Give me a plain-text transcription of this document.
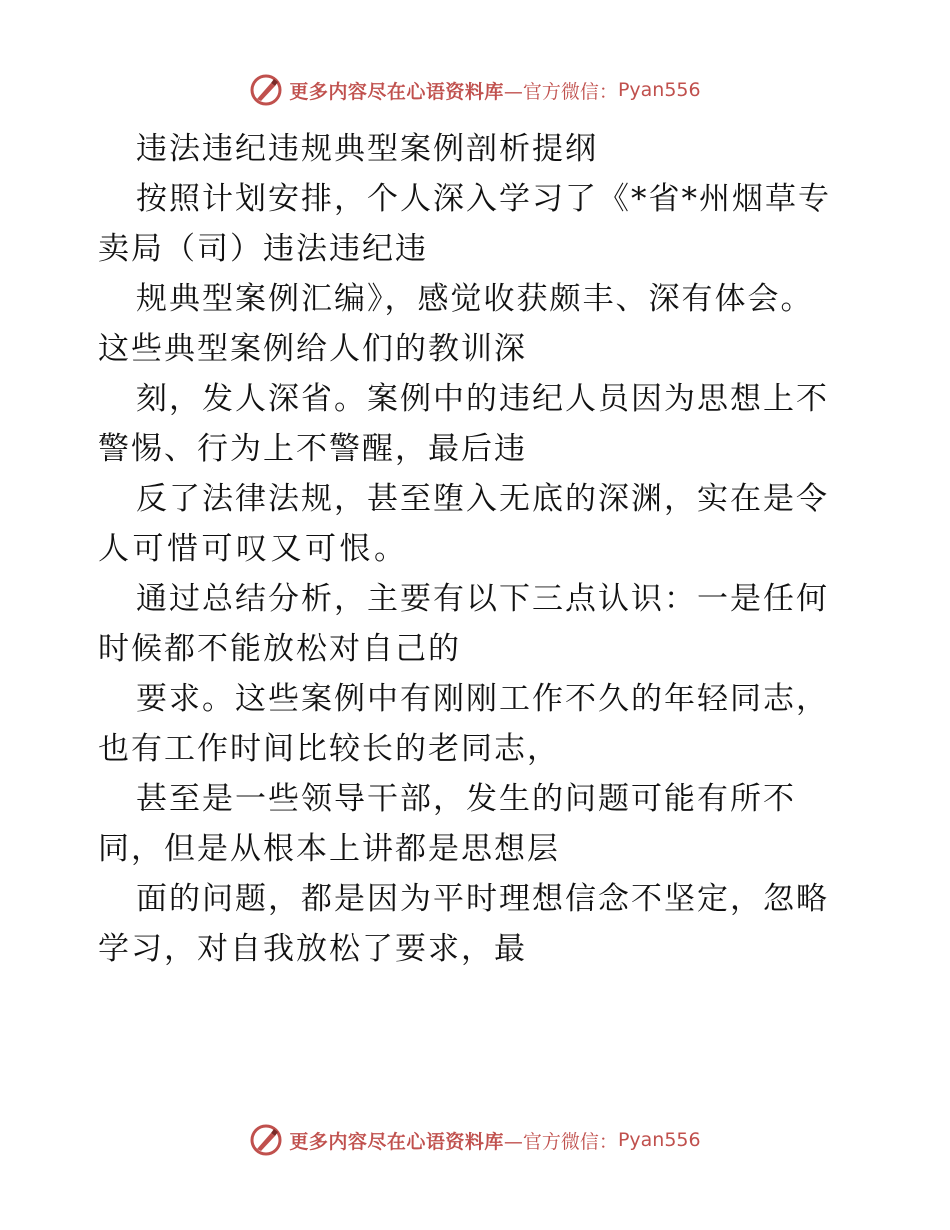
更多内容尽在心语资料库 —官方微信： Pyan556
违法违纪违规典型案例剖析提纲
按照计划安排，个人深入学习了《*省*州烟草专
卖局（司）违法违纪违
规典型案例汇编》，感觉收获颇丰、深有体会。
这些典型案例给人们的教训深
刻，发人深省。案例中的违纪人员因为思想上不
警惕、行为上不警醒，最后违
反了法律法规，甚至堕入无底的深渊，实在是令
人可惜可叹又可恨。
通过总结分析，主要有以下三点认识：一是任何
时候都不能放松对自己的
要求。这些案例中有刚刚工作不久的年轻同志，
也有工作时间比较长的老同志，
甚至是一些领导干部，发生的问题可能有所不
同，但是从根本上讲都是思想层
面的问题，都是因为平时理想信念不坚定，忽略
学习，对自我放松了要求，最
更多内容尽在心语资料库 —官方微信： Pyan556
